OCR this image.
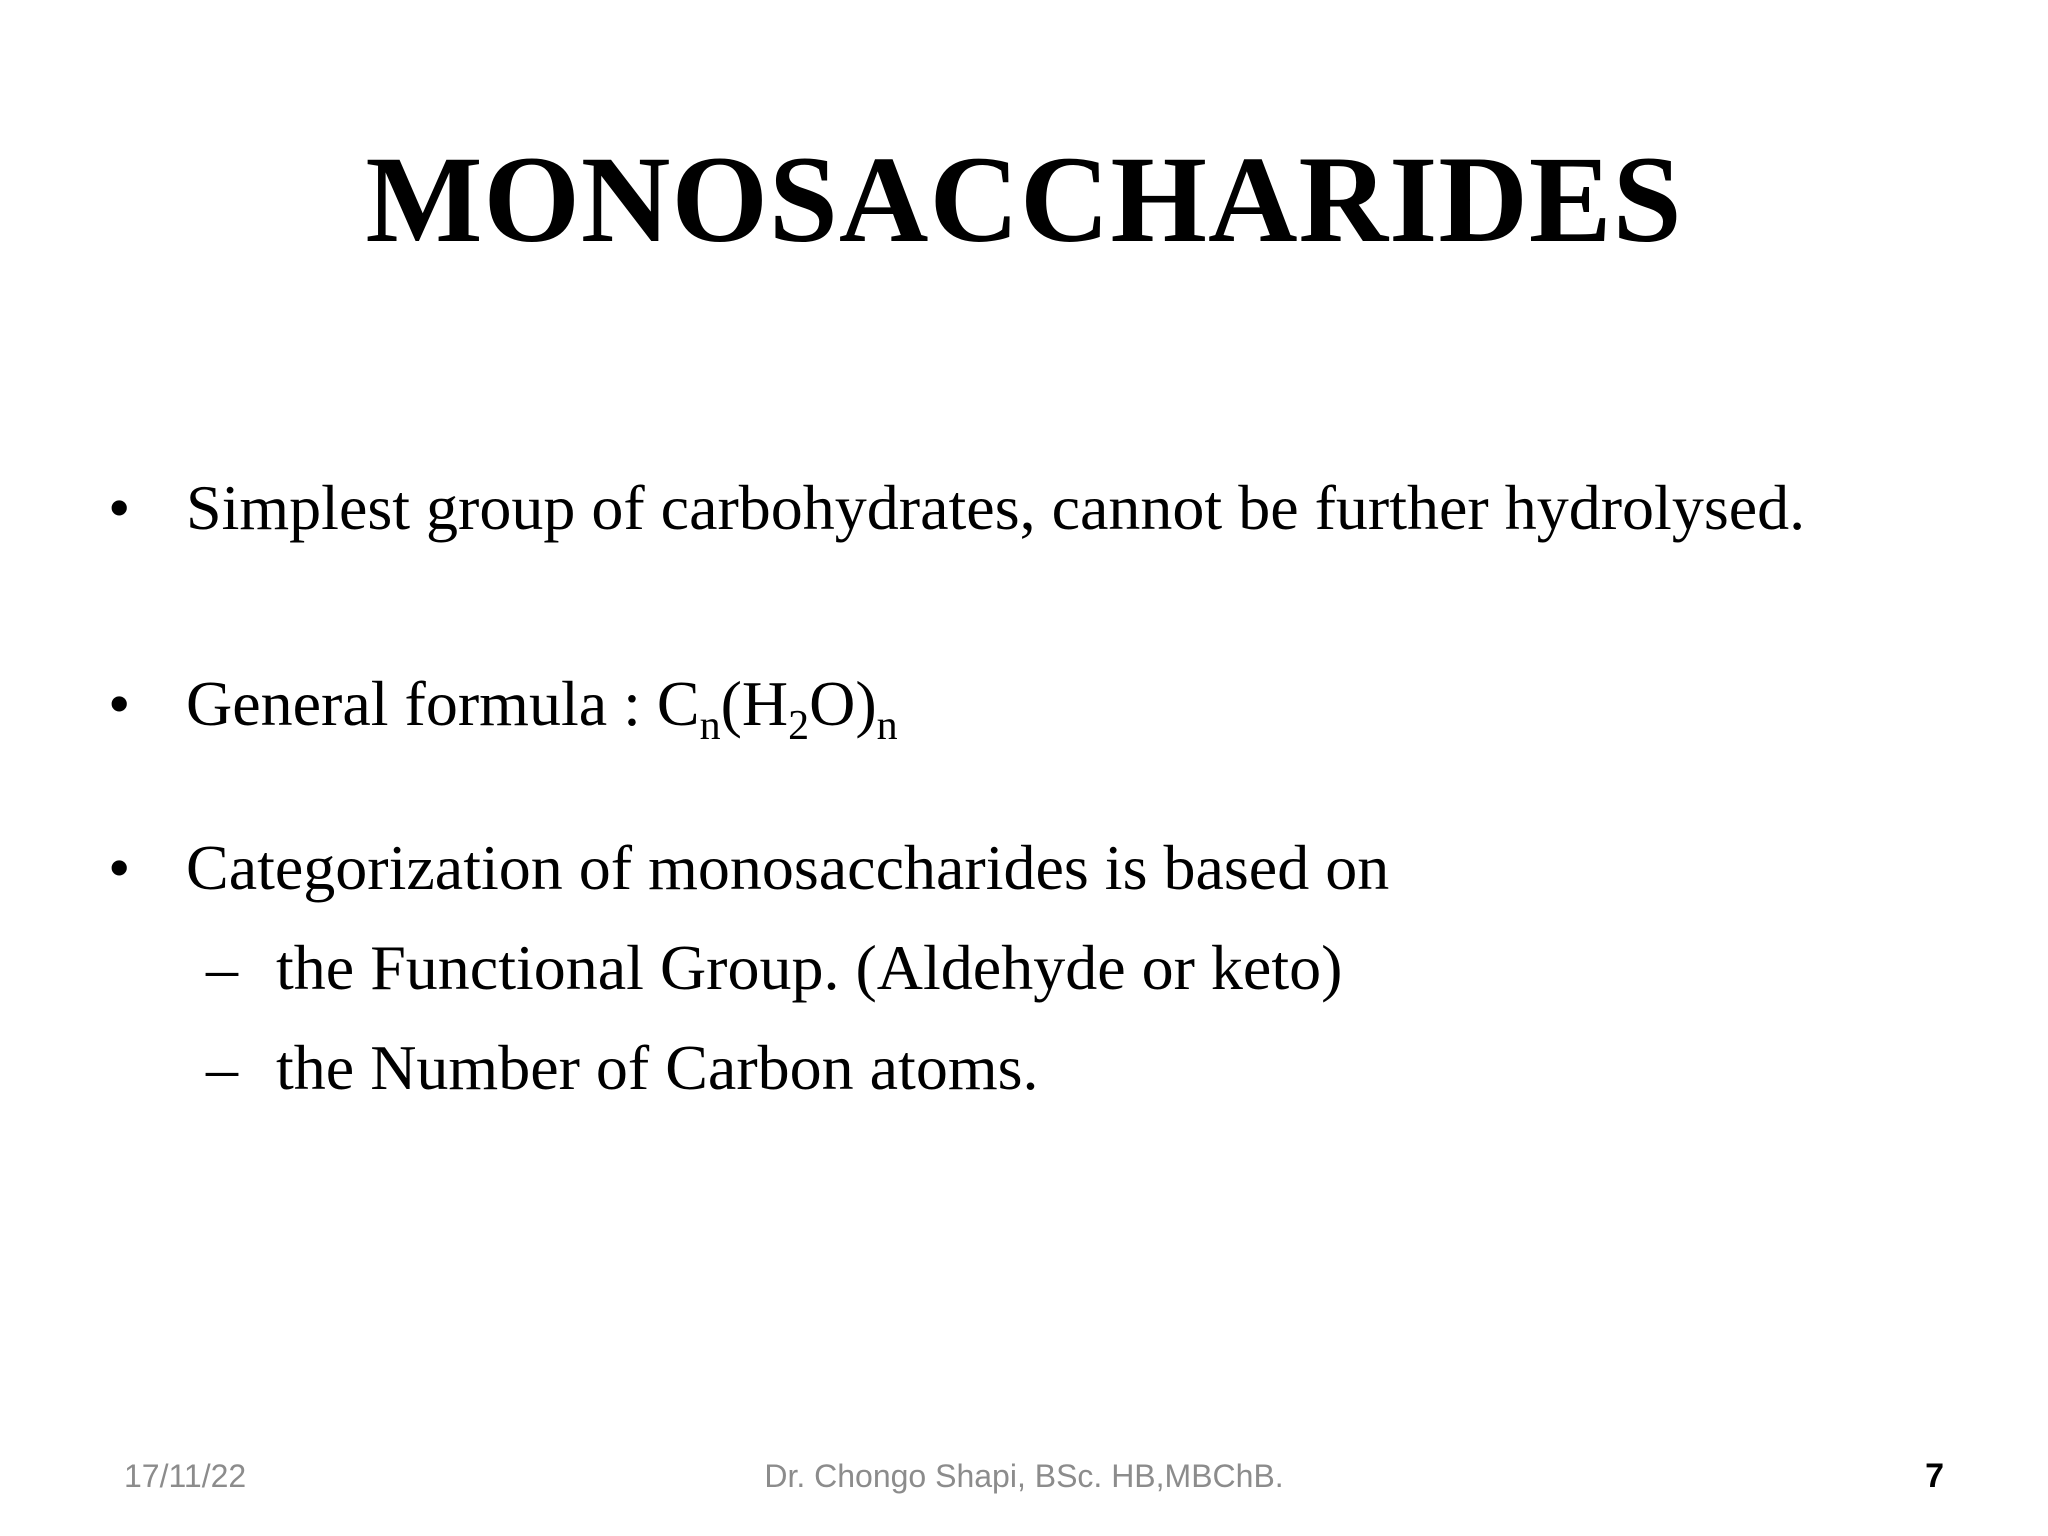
MONOSACCHARIDES
• Simplest group of carbohydrates, cannot be further hydrolysed.
• General formula : $C_n(H_2O)_n$
• Categorization of monosaccharides is based on
– the Functional Group. (Aldehyde or keto)
– the Number of Carbon atoms.
Dr. Chongo Shapi, BSc. HB,MBChB.
17/11/22	7
